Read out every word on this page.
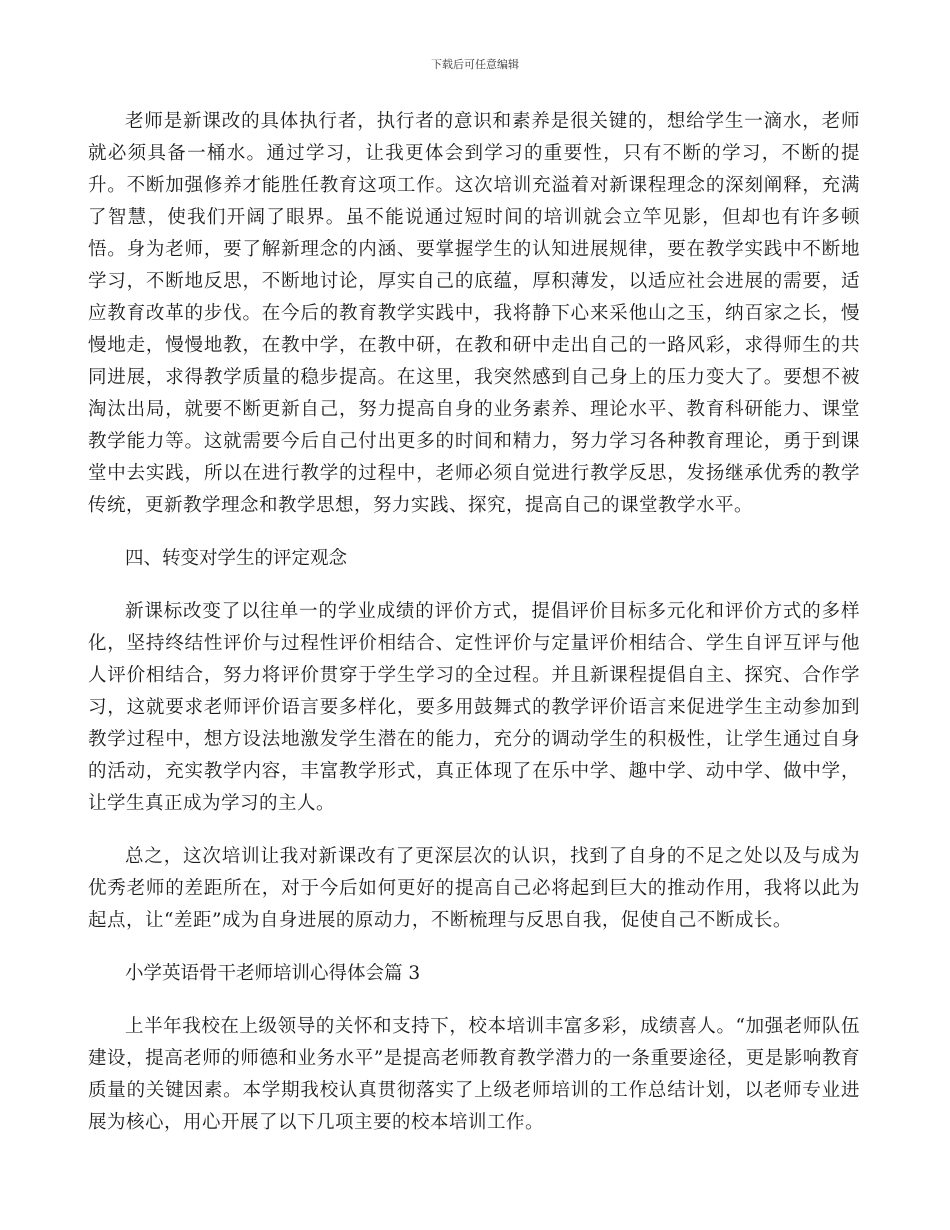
下载后可任意编辑

老师是新课改的具体执行者，执行者的意识和素养是很关键的，想给学生一滴水，老师就必须具备一桶水。通过学习，让我更体会到学习的重要性，只有不断的学习，不断的提升。不断加强修养才能胜任教育这项工作。这次培训充溢着对新课程理念的深刻阐释，充满了智慧，使我们开阔了眼界。虽不能说通过短时间的培训就会立竿见影，但却也有许多顿悟。身为老师，要了解新理念的内涵、要掌握学生的认知进展规律，要在教学实践中不断地学习，不断地反思，不断地讨论，厚实自己的底蕴，厚积薄发，以适应社会进展的需要，适应教育改革的步伐。在今后的教育教学实践中，我将静下心来采他山之玉，纳百家之长，慢慢地走，慢慢地教，在教中学，在教中研，在教和研中走出自己的一路风彩，求得师生的共同进展，求得教学质量的稳步提高。在这里，我突然感到自己身上的压力变大了。要想不被淘汰出局，就要不断更新自己，努力提高自身的业务素养、理论水平、教育科研能力、课堂教学能力等。这就需要今后自己付出更多的时间和精力，努力学习各种教育理论，勇于到课堂中去实践，所以在进行教学的过程中，老师必须自觉进行教学反思，发扬继承优秀的教学传统，更新教学理念和教学思想，努力实践、探究，提高自己的课堂教学水平。

四、转变对学生的评定观念

新课标改变了以往单一的学业成绩的评价方式，提倡评价目标多元化和评价方式的多样化，坚持终结性评价与过程性评价相结合、定性评价与定量评价相结合、学生自评互评与他人评价相结合，努力将评价贯穿于学生学习的全过程。并且新课程提倡自主、探究、合作学习，这就要求老师评价语言要多样化，要多用鼓舞式的教学评价语言来促进学生主动参加到教学过程中，想方设法地激发学生潜在的能力，充分的调动学生的积极性，让学生通过自身的活动，充实教学内容，丰富教学形式，真正体现了在乐中学、趣中学、动中学、做中学，让学生真正成为学习的主人。

总之，这次培训让我对新课改有了更深层次的认识，找到了自身的不足之处以及与成为优秀老师的差距所在，对于今后如何更好的提高自己必将起到巨大的推动作用，我将以此为起点，让“差距”成为自身进展的原动力，不断梳理与反思自我，促使自己不断成长。

小学英语骨干老师培训心得体会篇 3

上半年我校在上级领导的关怀和支持下，校本培训丰富多彩，成绩喜人。“加强老师队伍建设，提高老师的师德和业务水平”是提高老师教育教学潜力的一条重要途径，更是影响教育质量的关键因素。本学期我校认真贯彻落实了上级老师培训的工作总结计划，以老师专业进展为核心，用心开展了以下几项主要的校本培训工作。
